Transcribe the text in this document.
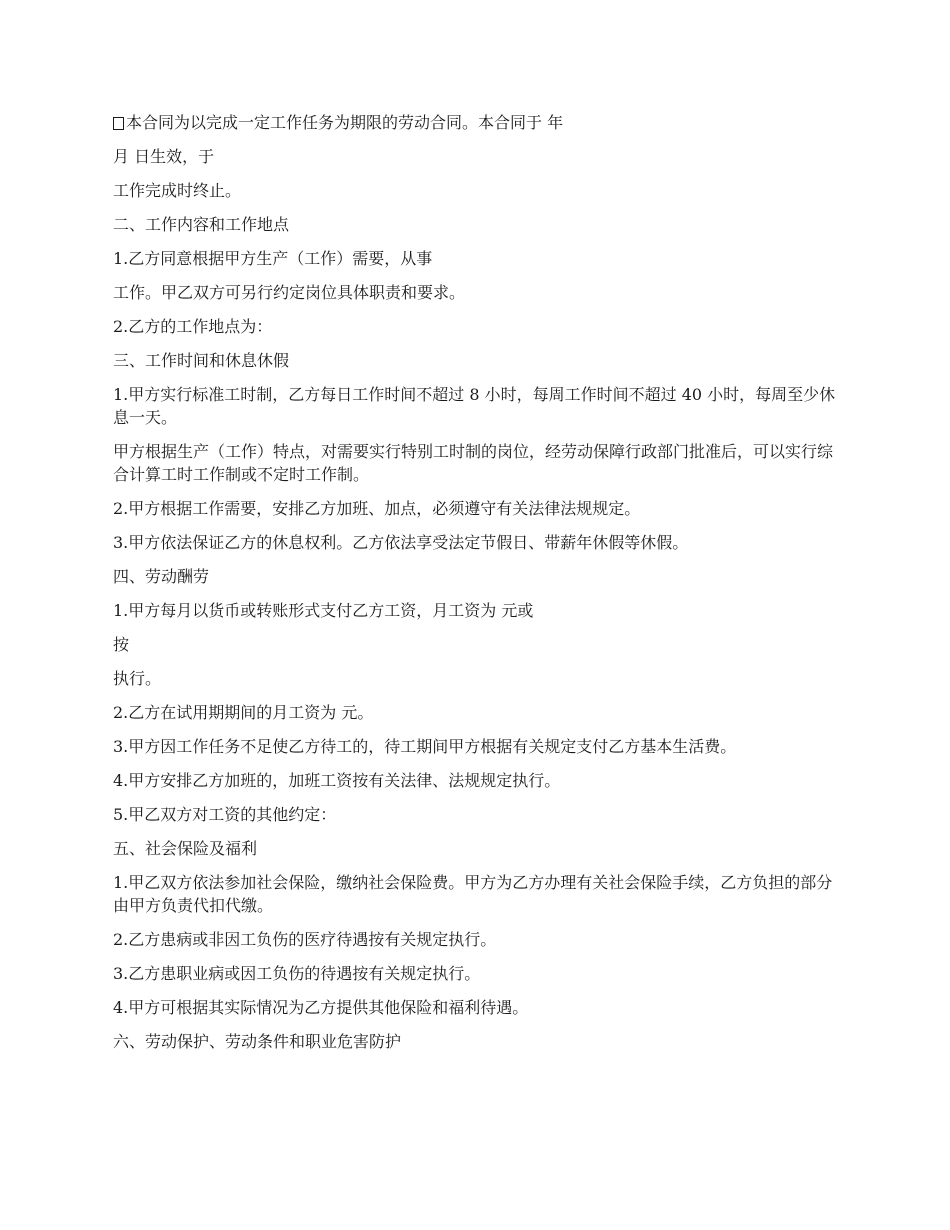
本合同为以完成一定工作任务为期限的劳动合同。本合同于 年

月 日生效，于

工作完成时终止。

二、工作内容和工作地点

1.乙方同意根据甲方生产（工作）需要，从事

工作。甲乙双方可另行约定岗位具体职责和要求。

2.乙方的工作地点为：

三、工作时间和休息休假

1.甲方实行标准工时制，乙方每日工作时间不超过 8 小时，每周工作时间不超过 40 小时，每周至少休息一天。

甲方根据生产（工作）特点，对需要实行特别工时制的岗位，经劳动保障行政部门批准后，可以实行综合计算工时工作制或不定时工作制。

2.甲方根据工作需要，安排乙方加班、加点，必须遵守有关法律法规规定。

3.甲方依法保证乙方的休息权利。乙方依法享受法定节假日、带薪年休假等休假。

四、劳动酬劳

1.甲方每月以货币或转账形式支付乙方工资，月工资为 元或

按

执行。

2.乙方在试用期期间的月工资为 元。

3.甲方因工作任务不足使乙方待工的，待工期间甲方根据有关规定支付乙方基本生活费。

4.甲方安排乙方加班的，加班工资按有关法律、法规规定执行。

5.甲乙双方对工资的其他约定：

五、社会保险及福利

1.甲乙双方依法参加社会保险，缴纳社会保险费。甲方为乙方办理有关社会保险手续，乙方负担的部分由甲方负责代扣代缴。

2.乙方患病或非因工负伤的医疗待遇按有关规定执行。

3.乙方患职业病或因工负伤的待遇按有关规定执行。

4.甲方可根据其实际情况为乙方提供其他保险和福利待遇。

六、劳动保护、劳动条件和职业危害防护
